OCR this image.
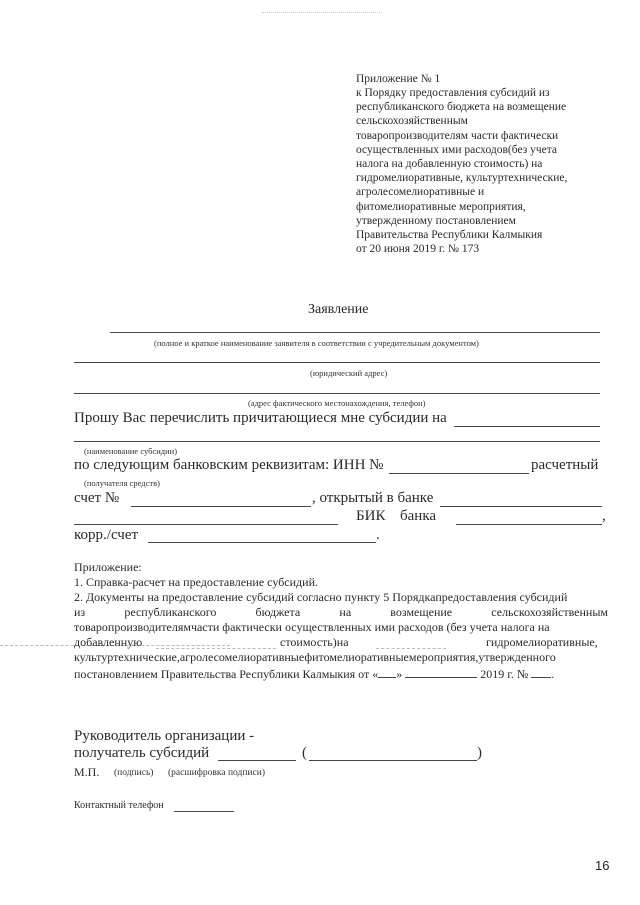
Приложение № 1
к Порядку предоставления субсидий из
республиканского бюджета на возмещение
сельскохозяйственным
товаропроизводителям части фактически
осуществленных ими расходов(без учета
налога на добавленную стоимость) на
гидромелиоративные, культуртехнические,
агролесомелиоративные и
фитомелиоративные мероприятия,
утвержденному постановлением
Правительства Республики Калмыкия
от 20 июня 2019 г. № 173
Заявление
(полное и краткое наименование заявителя в соответствии с учредительным документом)
(юридический адрес)
(адрес фактического местонахождения, телефон)
Прошу Вас перечислить причитающиеся мне субсидии на
(наименование субсидии)
по следующим банковским реквизитам: ИНН №	расчетный
(получателя средств)
счет №	, открытый в банке
БИК банка	,
корр./счет	.
Приложение:
1. Справка-расчет на предоставление субсидий.
2. Документы на предоставление субсидий согласно пункту 5 Порядкапредоставления субсидий
из	республиканского	бюджета	на	возмещение	сельскохозяйственным
товаропроизводителямчасти фактически осуществленных ими расходов (без учета налога на
добавленную	стоимость)на	гидромелиоративные,
культуртехнические,агролесомелиоративныефитомелиоративныемероприятия,утвержденного
постановлением Правительства Республики Калмыкия от « »	2019 г. № .
Руководитель организации -
получатель субсидий	(	)
М.П. (подпись) (расшифровка подписи)
Контактный телефон
16
